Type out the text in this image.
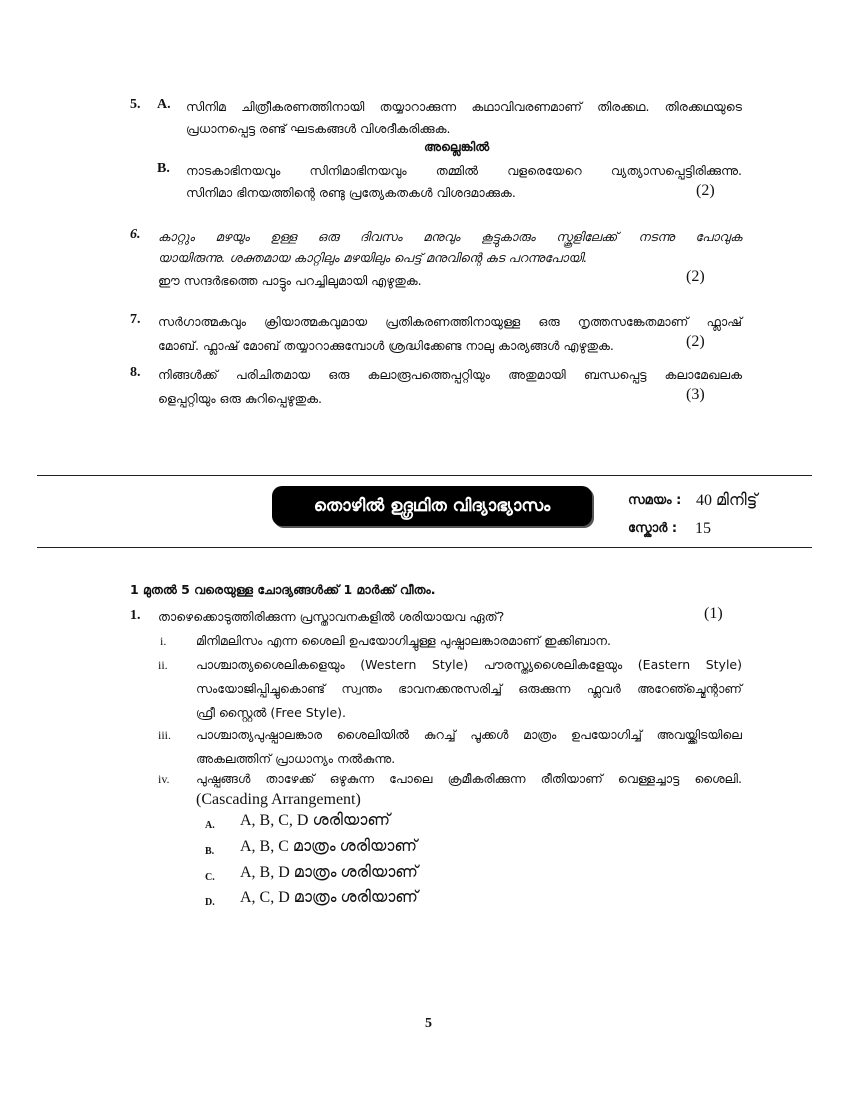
5. A. സിനിമ ചിത്രീകരണത്തിനായി തയ്യാറാക്കുന്ന കഥാവിവരണമാണ് തിരക്കഥ. തിരക്കഥയുടെ
പ്രധാനപ്പെട്ട രണ്ട് ഘടകങ്ങൾ വിശദീകരിക്കുക.
അല്ലെങ്കിൽ
B. നാടകാഭിനയവും സിനിമാഭിനയവും തമ്മിൽ വളരെയേറെ വ്യത്യാസപ്പെട്ടിരിക്കുന്നു.
സിനിമാ ഭിനയത്തിന്റെ രണ്ടു പ്രത്യേകതകൾ വിശദമാക്കുക.	(2)
6. കാറ്റും മഴയും ഉള്ള ഒരു ദിവസം മനുവും കൂട്ടുകാരും സ്കൂളിലേക്ക് നടന്നു പോവുക
യായിരുന്നു. ശക്തമായ കാറ്റിലും മഴയിലും പെട്ട് മനുവിന്റെ കുട പറന്നുപോയി.
ഈ സന്ദർഭത്തെ പാട്ടും പറച്ചിലുമായി എഴുതുക.	(2)
7. സർഗാത്മകവും ക്രിയാത്മകവുമായ പ്രതികരണത്തിനായുള്ള ഒരു നൃത്തസങ്കേതമാണ് ഫ്ലാഷ്
മോബ്. ഫ്ലാഷ് മോബ് തയ്യാറാക്കുമ്പോൾ ശ്രദ്ധിക്കേണ്ട നാലു കാര്യങ്ങൾ എഴുതുക.	(2)
8. നിങ്ങൾക്ക് പരിചിതമായ ഒരു കലാരൂപത്തെപ്പറ്റിയും അതുമായി ബന്ധപ്പെട്ട കലാമേഖലക
ളെപ്പറ്റിയും ഒരു കുറിപ്പെഴുതുക.	(3)
തൊഴിൽ ഉദ്ഗ്രഥിത വിദ്യാഭ്യാസം	സമയം : 40 മിനിട്ട്
സ്കോർ : 15
1 മുതൽ 5 വരെയുള്ള ചോദ്യങ്ങൾക്ക് 1 മാർക്ക് വീതം.
1. താഴെക്കൊടുത്തിരിക്കുന്ന പ്രസ്താവനകളിൽ ശരിയായവ ഏത്?	(1)
i. മിനിമലിസം എന്ന ശൈലി ഉപയോഗിച്ചുള്ള പുഷ്പാലങ്കാരമാണ് ഇക്കിബാന.
ii. പാശ്ചാത്യശൈലികളെയും (Western Style) പൗരസ്ത്യശൈലികളേയും (Eastern Style)
സംയോജിപ്പിച്ചുകൊണ്ട് സ്വന്തം ഭാവനക്കനുസരിച്ച് ഒരുക്കുന്ന ഫ്ലവർ അറേഞ്ച്മെന്റാണ്
ഫ്രീ സ്റ്റൈൽ (Free Style).
iii. പാശ്ചാത്യപുഷ്പാലങ്കാര ശൈലിയിൽ കുറച്ച് പൂക്കൾ മാത്രം ഉപയോഗിച്ച് അവയ്ക്കിടയിലെ
അകലത്തിന് പ്രാധാന്യം നൽകുന്നു.
iv. പുഷ്പങ്ങൾ താഴേക്ക് ഒഴുകുന്ന പോലെ ക്രമീകരിക്കുന്ന രീതിയാണ് വെള്ളച്ചാട്ട ശൈലി.
(Cascading Arrangement)
A. A, B, C, D ശരിയാണ്
B. A, B, C മാത്രം ശരിയാണ്
C. A, B, D മാത്രം ശരിയാണ്
D. A, C, D മാത്രം ശരിയാണ്
5
